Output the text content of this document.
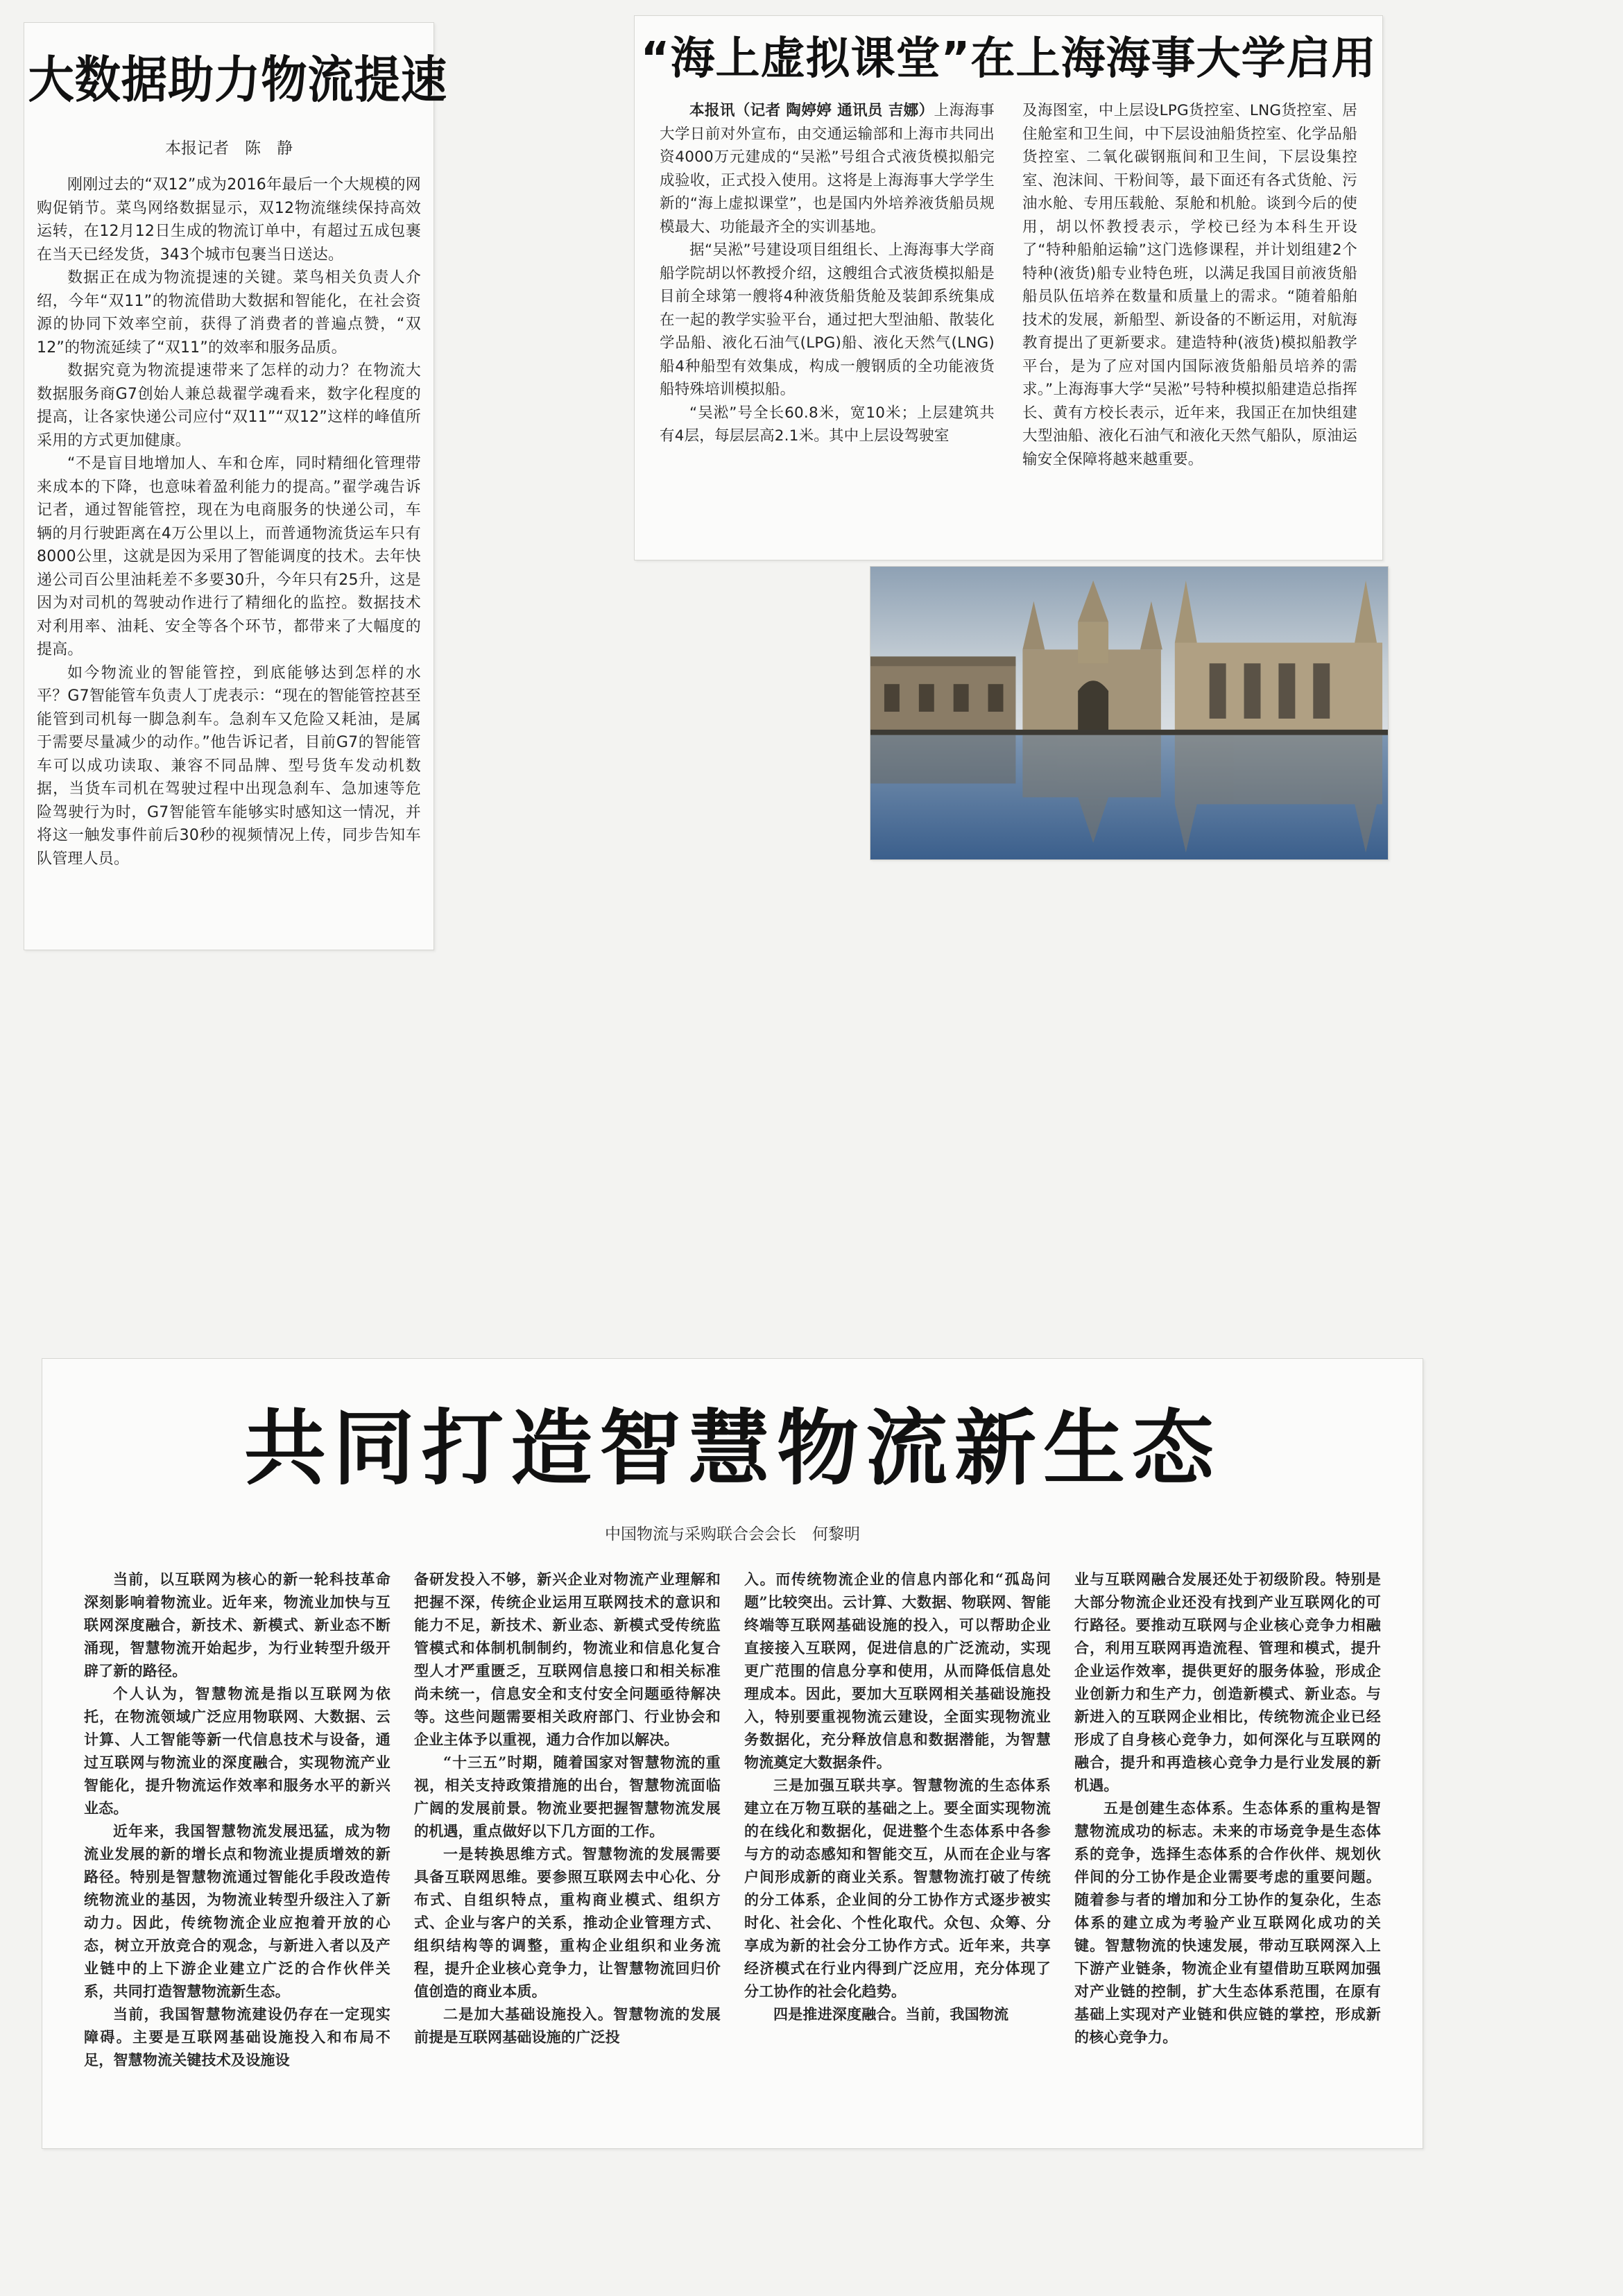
大数据助力物流提速

本报记者　陈　静

刚刚过去的“双12”成为2016年最后一个大规模的网购促销节。菜鸟网络数据显示，双12物流继续保持高效运转，在12月12日生成的物流订单中，有超过五成包裹在当天已经发货，343个城市包裹当日送达。

数据正在成为物流提速的关键。菜鸟相关负责人介绍，今年“双11”的物流借助大数据和智能化，在社会资源的协同下效率空前，获得了消费者的普遍点赞，“双12”的物流延续了“双11”的效率和服务品质。

数据究竟为物流提速带来了怎样的动力？在物流大数据服务商G7创始人兼总裁翟学魂看来，数字化程度的提高，让各家快递公司应付“双11”“双12”这样的峰值所采用的方式更加健康。

“不是盲目地增加人、车和仓库，同时精细化管理带来成本的下降，也意味着盈利能力的提高。”翟学魂告诉记者，通过智能管控，现在为电商服务的快递公司，车辆的月行驶距离在4万公里以上，而普通物流货运车只有8000公里，这就是因为采用了智能调度的技术。去年快递公司百公里油耗差不多要30升，今年只有25升，这是因为对司机的驾驶动作进行了精细化的监控。数据技术对利用率、油耗、安全等各个环节，都带来了大幅度的提高。

如今物流业的智能管控，到底能够达到怎样的水平？G7智能管车负责人丁虎表示：“现在的智能管控甚至能管到司机每一脚急刹车。急刹车又危险又耗油，是属于需要尽量减少的动作。”他告诉记者，目前G7的智能管车可以成功读取、兼容不同品牌、型号货车发动机数据，当货车司机在驾驶过程中出现急刹车、急加速等危险驾驶行为时，G7智能管车能够实时感知这一情况，并将这一触发事件前后30秒的视频情况上传，同步告知车队管理人员。

“海上虚拟课堂”在上海海事大学启用

本报讯（记者 陶婷婷 通讯员 吉娜）上海海事大学日前对外宣布，由交通运输部和上海市共同出资4000万元建成的“吴淞”号组合式液货模拟船完成验收，正式投入使用。这将是上海海事大学学生新的“海上虚拟课堂”，也是国内外培养液货船员规模最大、功能最齐全的实训基地。

据“吴淞”号建设项目组组长、上海海事大学商船学院胡以怀教授介绍，这艘组合式液货模拟船是目前全球第一艘将4种液货船货舱及装卸系统集成在一起的教学实验平台，通过把大型油船、散装化学品船、液化石油气(LPG)船、液化天然气(LNG)船4种船型有效集成，构成一艘钢质的全功能液货船特殊培训模拟船。

“吴淞”号全长60.8米，宽10米；上层建筑共有4层，每层层高2.1米。其中上层设驾驶室

及海图室，中上层设LPG货控室、LNG货控室、居住舱室和卫生间，中下层设油船货控室、化学品船货控室、二氧化碳钢瓶间和卫生间，下层设集控室、泡沫间、干粉间等，最下面还有各式货舱、污油水舱、专用压载舱、泵舱和机舱。谈到今后的使用，胡以怀教授表示，学校已经为本科生开设了“特种船舶运输”这门选修课程，并计划组建2个特种(液货)船专业特色班，以满足我国目前液货船船员队伍培养在数量和质量上的需求。“随着船舶技术的发展，新船型、新设备的不断运用，对航海教育提出了更新要求。建造特种(液货)模拟船教学平台，是为了应对国内国际液货船船员培养的需求。”上海海事大学“吴淞”号特种模拟船建造总指挥长、黄有方校长表示，近年来，我国正在加快组建大型油船、液化石油气和液化天然气船队，原油运输安全保障将越来越重要。

共同打造智慧物流新生态

中国物流与采购联合会会长　何黎明

当前，以互联网为核心的新一轮科技革命深刻影响着物流业。近年来，物流业加快与互联网深度融合，新技术、新模式、新业态不断涌现，智慧物流开始起步，为行业转型升级开辟了新的路径。

个人认为，智慧物流是指以互联网为依托，在物流领域广泛应用物联网、大数据、云计算、人工智能等新一代信息技术与设备，通过互联网与物流业的深度融合，实现物流产业智能化，提升物流运作效率和服务水平的新兴业态。

近年来，我国智慧物流发展迅猛，成为物流业发展的新的增长点和物流业提质增效的新路径。特别是智慧物流通过智能化手段改造传统物流业的基因，为物流业转型升级注入了新动力。因此，传统物流企业应抱着开放的心态，树立开放竞合的观念，与新进入者以及产业链中的上下游企业建立广泛的合作伙伴关系，共同打造智慧物流新生态。

当前，我国智慧物流建设仍存在一定现实障碍。主要是互联网基础设施投入和布局不足，智慧物流关键技术及设施设

备研发投入不够，新兴企业对物流产业理解和把握不深，传统企业运用互联网技术的意识和能力不足，新技术、新业态、新模式受传统监管模式和体制机制制约，物流业和信息化复合型人才严重匮乏，互联网信息接口和相关标准尚未统一，信息安全和支付安全问题亟待解决等。这些问题需要相关政府部门、行业协会和企业主体予以重视，通力合作加以解决。

“十三五”时期，随着国家对智慧物流的重视，相关支持政策措施的出台，智慧物流面临广阔的发展前景。物流业要把握智慧物流发展的机遇，重点做好以下几方面的工作。

一是转换思维方式。智慧物流的发展需要具备互联网思维。要参照互联网去中心化、分布式、自组织特点，重构商业模式、组织方式、企业与客户的关系，推动企业管理方式、组织结构等的调整，重构企业组织和业务流程，提升企业核心竞争力，让智慧物流回归价值创造的商业本质。

二是加大基础设施投入。智慧物流的发展前提是互联网基础设施的广泛投

入。而传统物流企业的信息内部化和“孤岛问题”比较突出。云计算、大数据、物联网、智能终端等互联网基础设施的投入，可以帮助企业直接接入互联网，促进信息的广泛流动，实现更广范围的信息分享和使用，从而降低信息处理成本。因此，要加大互联网相关基础设施投入，特别要重视物流云建设，全面实现物流业务数据化，充分释放信息和数据潜能，为智慧物流奠定大数据条件。

三是加强互联共享。智慧物流的生态体系建立在万物互联的基础之上。要全面实现物流的在线化和数据化，促进整个生态体系中各参与方的动态感知和智能交互，从而在企业与客户间形成新的商业关系。智慧物流打破了传统的分工体系，企业间的分工协作方式逐步被实时化、社会化、个性化取代。众包、众筹、分享成为新的社会分工协作方式。近年来，共享经济模式在行业内得到广泛应用，充分体现了分工协作的社会化趋势。

四是推进深度融合。当前，我国物流

业与互联网融合发展还处于初级阶段。特别是大部分物流企业还没有找到产业互联网化的可行路径。要推动互联网与企业核心竞争力相融合，利用互联网再造流程、管理和模式，提升企业运作效率，提供更好的服务体验，形成企业创新力和生产力，创造新模式、新业态。与新进入的互联网企业相比，传统物流企业已经形成了自身核心竞争力，如何深化与互联网的融合，提升和再造核心竞争力是行业发展的新机遇。

五是创建生态体系。生态体系的重构是智慧物流成功的标志。未来的市场竞争是生态体系的竞争，选择生态体系的合作伙伴、规划伙伴间的分工协作是企业需要考虑的重要问题。随着参与者的增加和分工协作的复杂化，生态体系的建立成为考验产业互联网化成功的关键。智慧物流的快速发展，带动互联网深入上下游产业链条，物流企业有望借助互联网加强对产业链的控制，扩大生态体系范围，在原有基础上实现对产业链和供应链的掌控，形成新的核心竞争力。
